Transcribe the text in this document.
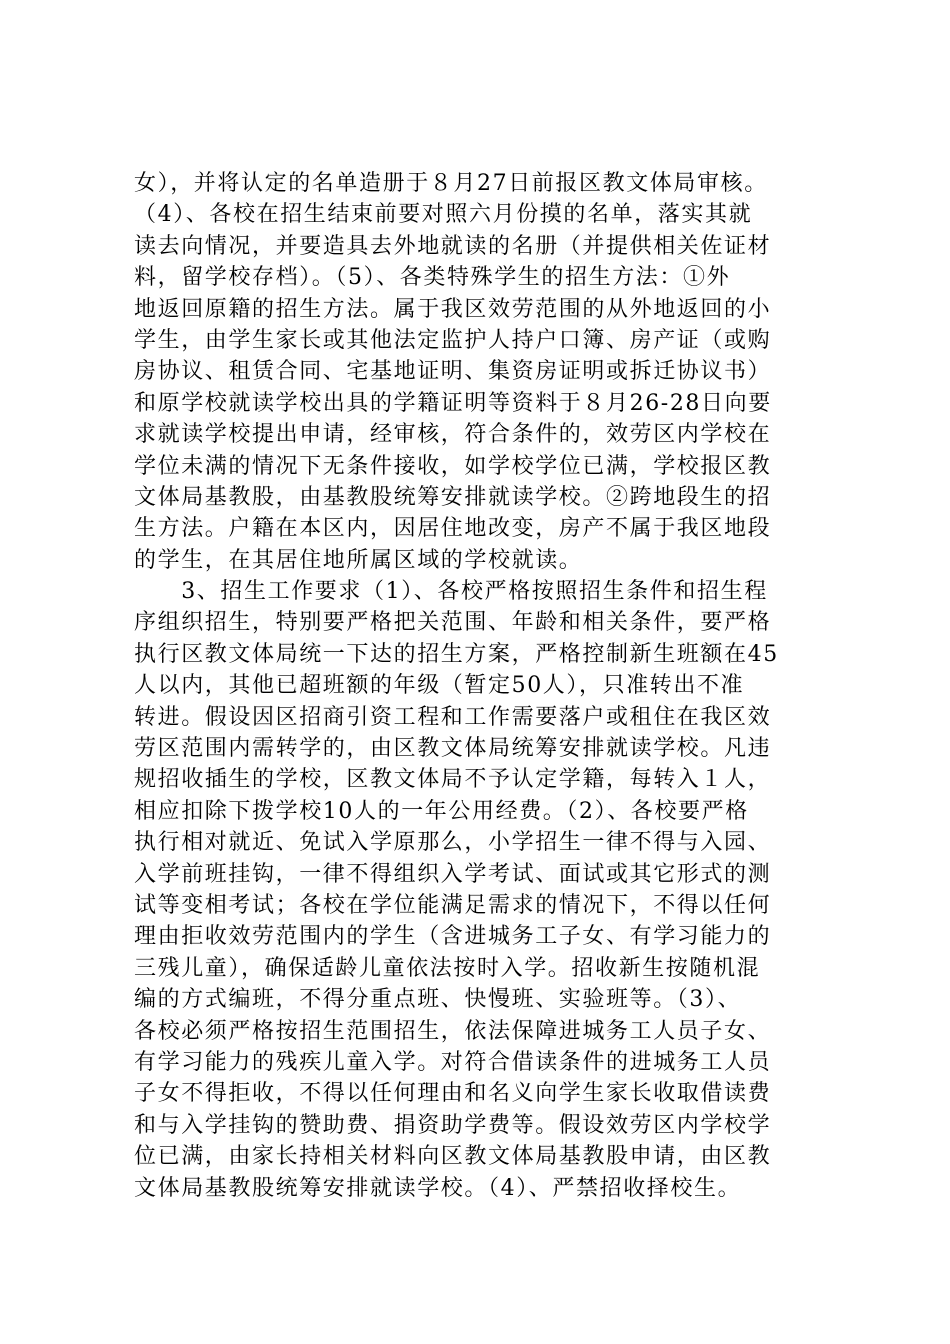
女），并将认定的名单造册于８月27日前报区教文体局审核。
（4）、各校在招生结束前要对照六月份摸的名单，落实其就
读去向情况，并要造具去外地就读的名册（并提供相关佐证材
料，留学校存档）。（5）、各类特殊学生的招生方法：①外
地返回原籍的招生方法。属于我区效劳范围的从外地返回的小
学生，由学生家长或其他法定监护人持户口簿、房产证（或购
房协议、租赁合同、宅基地证明、集资房证明或拆迁协议书）
和原学校就读学校出具的学籍证明等资料于８月26-28日向要
求就读学校提出申请，经审核，符合条件的，效劳区内学校在
学位未满的情况下无条件接收，如学校学位已满，学校报区教
文体局基教股，由基教股统筹安排就读学校。②跨地段生的招
生方法。户籍在本区内，因居住地改变，房产不属于我区地段
的学生，在其居住地所属区域的学校就读。
　　3、招生工作要求（1）、各校严格按照招生条件和招生程
序组织招生，特别要严格把关范围、年龄和相关条件，要严格
执行区教文体局统一下达的招生方案，严格控制新生班额在45
人以内，其他已超班额的年级（暂定50人），只准转出不准
转进。假设因区招商引资工程和工作需要落户或租住在我区效
劳区范围内需转学的，由区教文体局统筹安排就读学校。凡违
规招收插生的学校，区教文体局不予认定学籍，每转入１人，
相应扣除下拨学校10人的一年公用经费。（2）、各校要严格
执行相对就近、免试入学原那么，小学招生一律不得与入园、
入学前班挂钩，一律不得组织入学考试、面试或其它形式的测
试等变相考试；各校在学位能满足需求的情况下，不得以任何
理由拒收效劳范围内的学生（含进城务工子女、有学习能力的
三残儿童），确保适龄儿童依法按时入学。招收新生按随机混
编的方式编班，不得分重点班、快慢班、实验班等。（3）、
各校必须严格按招生范围招生，依法保障进城务工人员子女、
有学习能力的残疾儿童入学。对符合借读条件的进城务工人员
子女不得拒收，不得以任何理由和名义向学生家长收取借读费
和与入学挂钩的赞助费、捐资助学费等。假设效劳区内学校学
位已满，由家长持相关材料向区教文体局基教股申请，由区教
文体局基教股统筹安排就读学校。（4）、严禁招收择校生。
